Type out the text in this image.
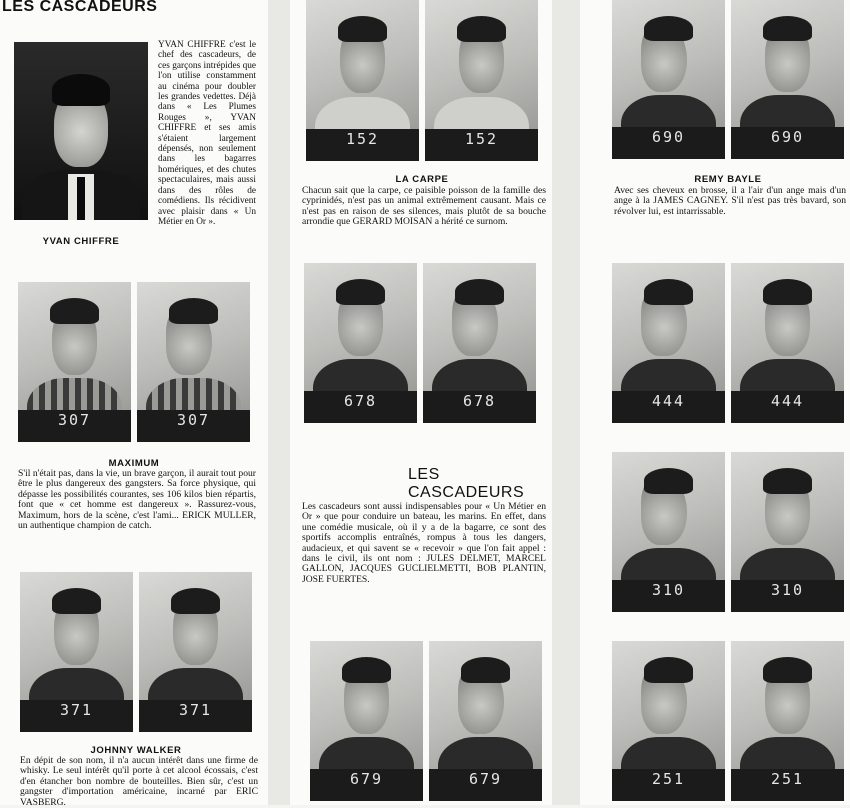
LES CASCADEURS
YVAN CHIFFRE c'est le chef des cascadeurs, de ces garçons intrépides que l'on utilise constamment au cinéma pour doubler les grandes vedettes. Déjà dans « Les Plumes Rouges », YVAN CHIFFRE et ses amis s'étaient largement dépensés, non seulement dans les bagarres homériques, et des chutes spectaculaires, mais aussi dans des rôles de comédiens. Ils récidivent avec plaisir dans « Un Métier en Or ».
YVAN CHIFFRE
307	307
MAXIMUM
S'il n'était pas, dans la vie, un brave garçon, il aurait tout pour être le plus dangereux des gangsters. Sa force physique, qui dépasse les possibilités courantes, ses 106 kilos bien répartis, font que « cet homme est dangereux ». Rassurez-vous, Maximum, hors de la scène, c'est l'ami... ERICK MULLER, un authentique champion de catch.
371	371
JOHNNY WALKER
En dépit de son nom, il n'a aucun intérêt dans une firme de whisky. Le seul intérêt qu'il porte à cet alcool écossais, c'est d'en étancher bon nombre de bouteilles. Bien sûr, c'est un gangster d'importation américaine, incarné par ERIC VASBERG.
152	152
LA CARPE
Chacun sait que la carpe, ce paisible poisson de la famille des cyprinidés, n'est pas un animal extrêmement causant. Mais ce n'est pas en raison de ses silences, mais plutôt de sa bouche arrondie que GERARD MOISAN a hérité ce surnom.
678	678
LES CASCADEURS
Les cascadeurs sont aussi indispensables pour « Un Métier en Or » que pour conduire un bateau, les marins. En effet, dans une comédie musicale, où il y a de la bagarre, ce sont des sportifs accomplis entraînés, rompus à tous les dangers, audacieux, et qui savent se « recevoir » que l'on fait appel : dans le civil, ils ont nom : JULES DELMET, MARCEL GALLON, JACQUES GUCLIELMETTI, BOB PLANTIN, JOSE FUERTES.
679	679
690	690
REMY BAYLE
Avec ses cheveux en brosse, il a l'air d'un ange mais d'un ange à la JAMES CAGNEY. S'il n'est pas très bavard, son révolver lui, est intarrissable.
444	444
310	310
251	251
